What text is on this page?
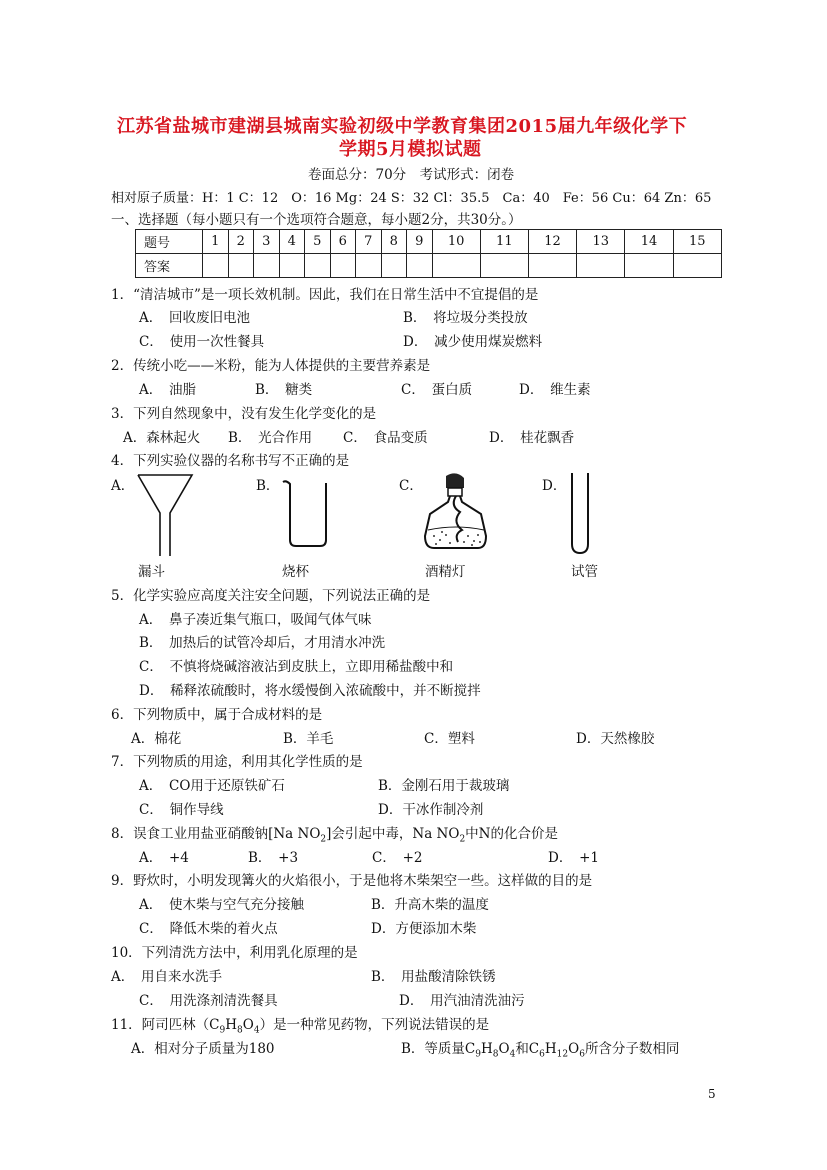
江苏省盐城市建湖县城南实验初级中学教育集团2015届九年级化学下
学期5月模拟试题
卷面总分：70分　考试形式：闭卷
相对原子质量：H：1 C：12　O：16 Mg：24 S：32 Cl：35.5　Ca：40　Fe：56 Cu：64 Zn：65
一、选择题（每小题只有一个选项符合题意，每小题2分，共30分。）
题号	1	2	3	4	5	6	7	8	9	10	11	12	13	14	15
答案															
1．“清洁城市”是一项长效机制。因此，我们在日常生活中不宜提倡的是
A．　回收废旧电池	B．　将垃圾分类投放
C．　使用一次性餐具	D．　减少使用煤炭燃料
2．传统小吃——米粉，能为人体提供的主要营养素是
A．　油脂	B．　糖类	C．　蛋白质	D．　维生素
3．下列自然现象中，没有发生化学变化的是
A．森林起火 B．　光合作用 C．　食品变质	D．　桂花飘香
4．下列实验仪器的名称书写不正确的是
A．	B．	C．	D．
漏斗	烧杯	酒精灯	试管
5．化学实验应高度关注安全问题，下列说法正确的是
A．　鼻子凑近集气瓶口，吸闻气体气味
B．　加热后的试管冷却后，才用清水冲洗
C．　不慎将烧碱溶液沾到皮肤上，立即用稀盐酸中和
D．　稀释浓硫酸时，将水缓慢倒入浓硫酸中，并不断搅拌
6．下列物质中，属于合成材料的是
A．棉花	B．羊毛	C．塑料	D．天然橡胶
7．下列物质的用途，利用其化学性质的是
A．　CO用于还原铁矿石	B．金刚石用于裁玻璃
C．　铜作导线	D．干冰作制冷剂
8．误食工业用盐亚硝酸钠[Na $NO_2$]会引起中毒，Na $NO_2$中N的化合价是
A．　+4	B．　+3	C．　+2	D．　+1
9．野炊时，小明发现篝火的火焰很小，于是他将木柴架空一些。这样做的目的是
A．　使木柴与空气充分接触	B．升高木柴的温度
C．　降低木柴的着火点	D．方便添加木柴
10．下列清洗方法中，利用乳化原理的是
A．　用自来水洗手	B．　用盐酸清除铁锈
C．　用洗涤剂清洗餐具	D．　用汽油清洗油污
11．阿司匹林$(C_9H_8O_4)$是一种常见药物，下列说法错误的是
A．相对分子质量为180	B．等质量$C_9H_8O_4$和$C_6H_{12}O_6$所含分子数相同
5
